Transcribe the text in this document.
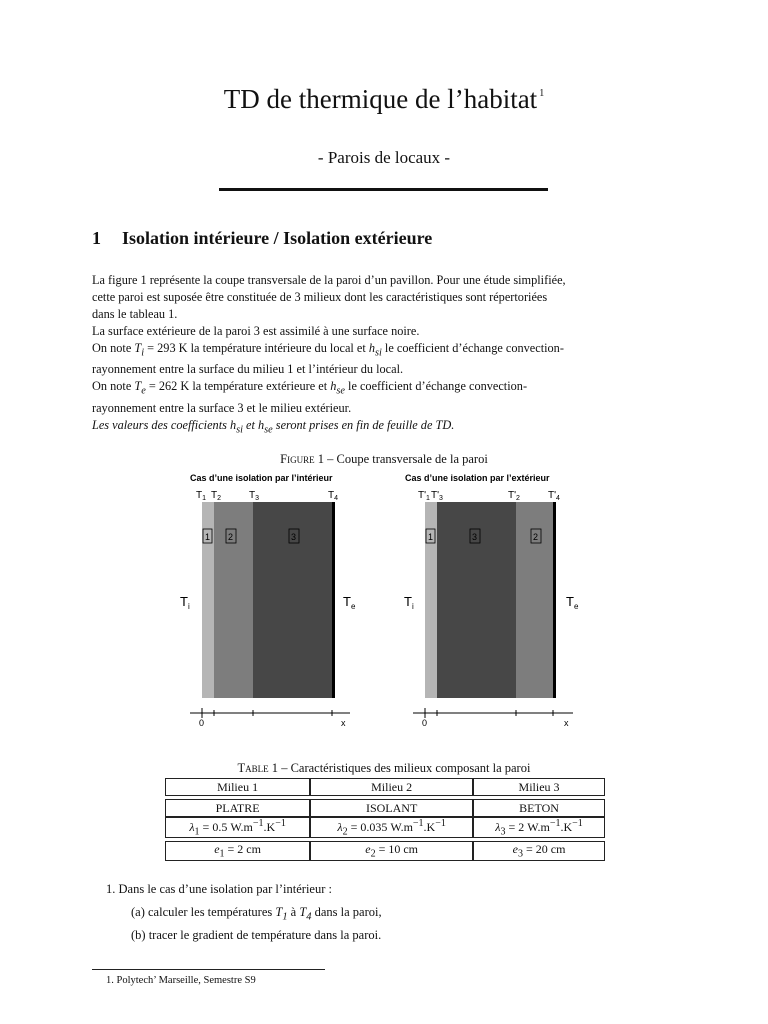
TD de thermique de l’habitat $^1$
- Parois de locaux -
1 Isolation intérieure / Isolation extérieure

La figure 1 représente la coupe transversale de la paroi d’un pavillon. Pour une étude simplifiée,

cette paroi est suposée être constituée de 3 milieux dont les caractéristiques sont répertoriées

dans le tableau 1.

La surface extérieure de la paroi 3 est assimilé à une surface noire.

On note $T_i = 293$ K la température intérieure du local et $h_{si}$ le coefficient d’échange convection-

rayonnement entre la surface du milieu 1 et l’intérieur du local.

On note $T_e = 262$ K la température extérieure et $h_{se}$ le coefficient d’échange convection-

rayonnement entre la surface 3 et le milieu extérieur.

Les valeurs des coefficients $h_{si}$ et $h_{se}$ seront prises en fin de feuille de TD.

Figure 1 – Coupe transversale de la paroi
Cas d’une isolation par l’intérieur
$T_1$ $T_2$	$T_3$	$T_4$
1 2	3
$T_i$	$T_e$
0	x
Cas d’une isolation par l’extérieur
$T'_1$ $T'_3$	$T'_2$	$T'_4$
1	3	2
$T_i$	$T_e$
0	x
Table 1 – Caractéristiques des milieux composant la paroi
Milieu 1	Milieu 2	Milieu 3

PLATRE	ISOLANT	BETON
$\lambda_1 = 0.5$ $W.m^{-1}.K^{-1}$	$\lambda_2 = 0.035$ $W.m^{-1}.K^{-1}$	$\lambda_3 = 2$ $W.m^{-1}.K^{-1}$

$e_1 = 2$ cm	$e_2 = 10$ cm	$e_3 = 20$ cm
1. Dans le cas d’une isolation par l’intérieur :
(a) calculer les températures $T_1$ à $T_4$ dans la paroi,
(b) tracer le gradient de température dans la paroi.
1. Polytech’ Marseille, Semestre S9
